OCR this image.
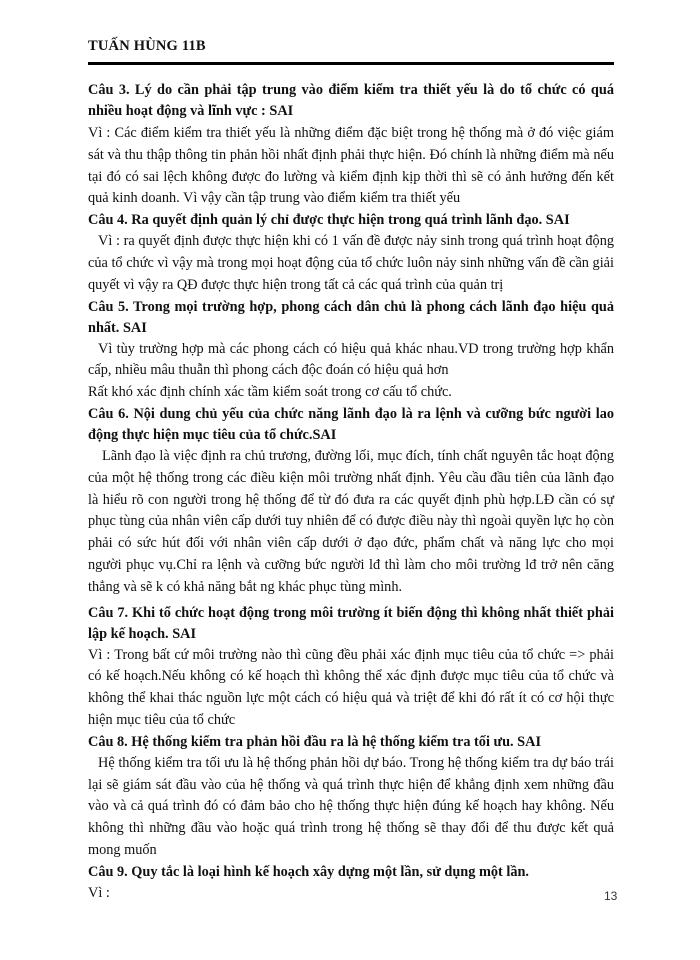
TUẤN HÙNG 11B
Câu 3. Lý do cần phải tập trung vào điểm kiểm tra thiết yếu là do tổ chức có quá nhiều hoạt động và lĩnh vực : SAI
Vì : Các điểm kiểm tra thiết yếu là những điểm đặc biệt trong hệ thống mà ở đó việc giám sát và thu thập thông tin phản hồi nhất định phải thực hiện. Đó chính là những điểm mà nếu tại đó có sai lệch không được đo lường và kiểm định kịp thời thì sẽ có ảnh hưởng đến kết quả kinh doanh. Vì vậy cần tập trung vào điểm kiểm tra thiết yếu
Câu 4. Ra quyết định quản lý chỉ được thực hiện trong quá trình lãnh đạo. SAI
Vì : ra quyết định được thực hiện khi có 1 vấn đề được nảy sinh trong quá trình hoạt động của tổ chức vì vậy mà trong mọi hoạt động của tổ chức luôn nảy sinh những vấn đề cần giải quyết vì vậy ra QĐ được thực hiện trong tất cả các quá trình của quản trị
Câu 5. Trong mọi trường hợp, phong cách dân chủ là phong cách lãnh đạo hiệu quả nhất. SAI
Vì tùy trường hợp mà các phong cách có hiệu quả khác nhau.VD trong trường hợp khẩn cấp, nhiều mâu thuẫn thì phong cách độc đoán có hiệu quả hơn
Rất khó xác định chính xác tầm kiểm soát trong cơ cấu tổ chức.
Câu 6. Nội dung chủ yếu của chức năng lãnh đạo là ra lệnh và cưỡng bức người lao động thực hiện mục tiêu của tổ chức.SAI
Lãnh đạo là việc định ra chủ trương, đường lối, mục đích, tính chất nguyên tắc hoạt động của một hệ thống trong các điều kiện môi trường nhất định. Yêu cầu đầu tiên của lãnh đạo là hiểu rõ con người trong hệ thống để từ đó đưa ra các quyết định phù hợp.LĐ cần có sự phục tùng của nhân viên cấp dưới tuy nhiên để có được điều này thì ngoài quyền lực họ còn phải có sức hút đối với nhân viên cấp dưới ở đạo đức, phẩm chất và năng lực cho mọi người phục vụ.Chỉ ra lệnh và cưỡng bức người lđ thì làm cho môi trường lđ trở nên căng thẳng và sẽ k có khả năng bắt ng khác phục tùng mình.
Câu 7. Khi tổ chức hoạt động trong môi trường ít biến động thì không nhất thiết phải lập kế hoạch. SAI
Vì : Trong bất cứ môi trường nào thì cũng đều phải xác định mục tiêu của tổ chức => phải có kế hoạch.Nếu không có kế hoạch thì không thể xác định được mục tiêu của tổ chức và không thể khai thác nguồn lực một cách có hiệu quả và triệt để khi đó rất ít có cơ hội thực hiện mục tiêu của tổ chức
Câu 8. Hệ thống kiểm tra phản hồi đầu ra là hệ thống kiểm tra tối ưu. SAI
Hệ thống kiểm tra tối ưu là hệ thống phản hồi dự báo. Trong hệ thống kiểm tra dự báo trái lại sẽ giám sát đầu vào của hệ thống và quá trình thực hiện để khẳng định xem những đầu vào và cả quá trình đó có đảm bảo cho hệ thống thực hiện đúng kế hoạch hay không. Nếu không thì những đầu vào hoặc quá trình trong hệ thống sẽ thay đổi để thu được kết quả mong muốn
Câu 9. Quy tắc là loại hình kế hoạch xây dựng một lần, sử dụng một lần.
Vì :	13
